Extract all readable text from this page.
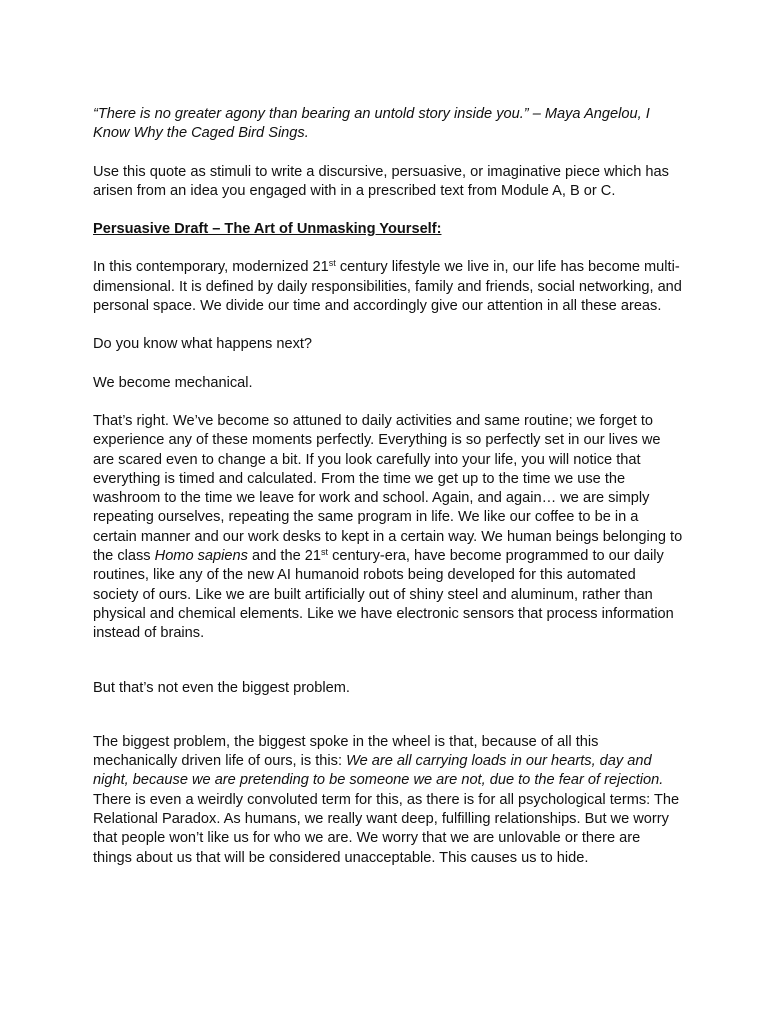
“There is no greater agony than bearing an untold story inside you.” – Maya Angelou, I Know Why the Caged Bird Sings.

Use this quote as stimuli to write a discursive, persuasive, or imaginative piece which has arisen from an idea you engaged with in a prescribed text from Module A, B or C.

Persuasive Draft – The Art of Unmasking Yourself:

In this contemporary, modernized 21st century lifestyle we live in, our life has become multi-dimensional. It is defined by daily responsibilities, family and friends, social networking, and personal space. We divide our time and accordingly give our attention in all these areas.

Do you know what happens next?

We become mechanical.

That’s right. We’ve become so attuned to daily activities and same routine; we forget to experience any of these moments perfectly. Everything is so perfectly set in our lives we are scared even to change a bit. If you look carefully into your life, you will notice that everything is timed and calculated. From the time we get up to the time we use the washroom to the time we leave for work and school. Again, and again… we are simply repeating ourselves, repeating the same program in life. We like our coffee to be in a certain manner and our work desks to kept in a certain way. We human beings belonging to the class Homo sapiens and the 21st century-era, have become programmed to our daily routines, like any of the new AI humanoid robots being developed for this automated society of ours. Like we are built artificially out of shiny steel and aluminum, rather than physical and chemical elements. Like we have electronic sensors that process information instead of brains.

But that’s not even the biggest problem.

The biggest problem, the biggest spoke in the wheel is that, because of all this mechanically driven life of ours, is this: We are all carrying loads in our hearts, day and night, because we are pretending to be someone we are not, due to the fear of rejection. There is even a weirdly convoluted term for this, as there is for all psychological terms: The Relational Paradox. As humans, we really want deep, fulfilling relationships. But we worry that people won’t like us for who we are. We worry that we are unlovable or there are things about us that will be considered unacceptable. This causes us to hide.
